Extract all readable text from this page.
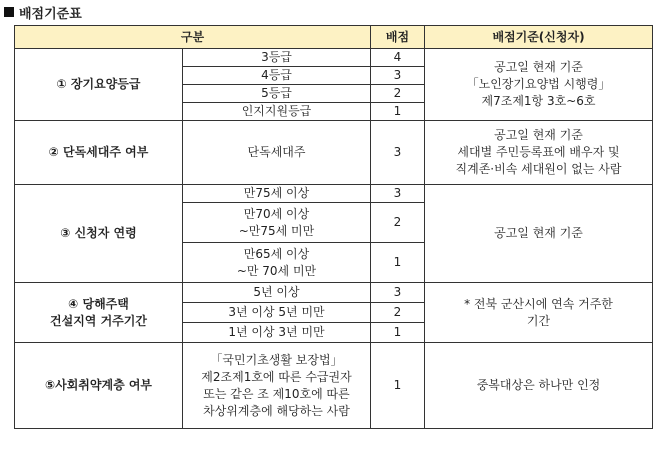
배점기준표
구분		배점	배점기준(신청자)
① 장기요양등급	3등급	4	공고일 현재 기준
「노인장기요양법 시행령」
제7조제1항 3호~6호
	4등급	3	
	5등급	2	
	인지지원등급	1	
② 단독세대주 여부	단독세대주	3	공고일 현재 기준
세대별 주민등록표에 배우자 및
직계존·비속 세대원이 없는 사람
③ 신청자 연령	만75세 이상	3	공고일 현재 기준
	만70세 이상
~만75세 미만	2	
	만65세 이상
~만 70세 미만	1	
④ 당해주택
건설지역 거주기간	5년 이상	3	* 전북 군산시에 연속 거주한
기간
	3년 이상 5년 미만	2	
	1년 이상 3년 미만	1	
⑤사회취약계층 여부	「국민기초생활 보장법」
제2조제1호에 따른 수급권자
또는 같은 조 제10호에 따른
차상위계층에 해당하는 사람	1	중복대상은 하나만 인정
